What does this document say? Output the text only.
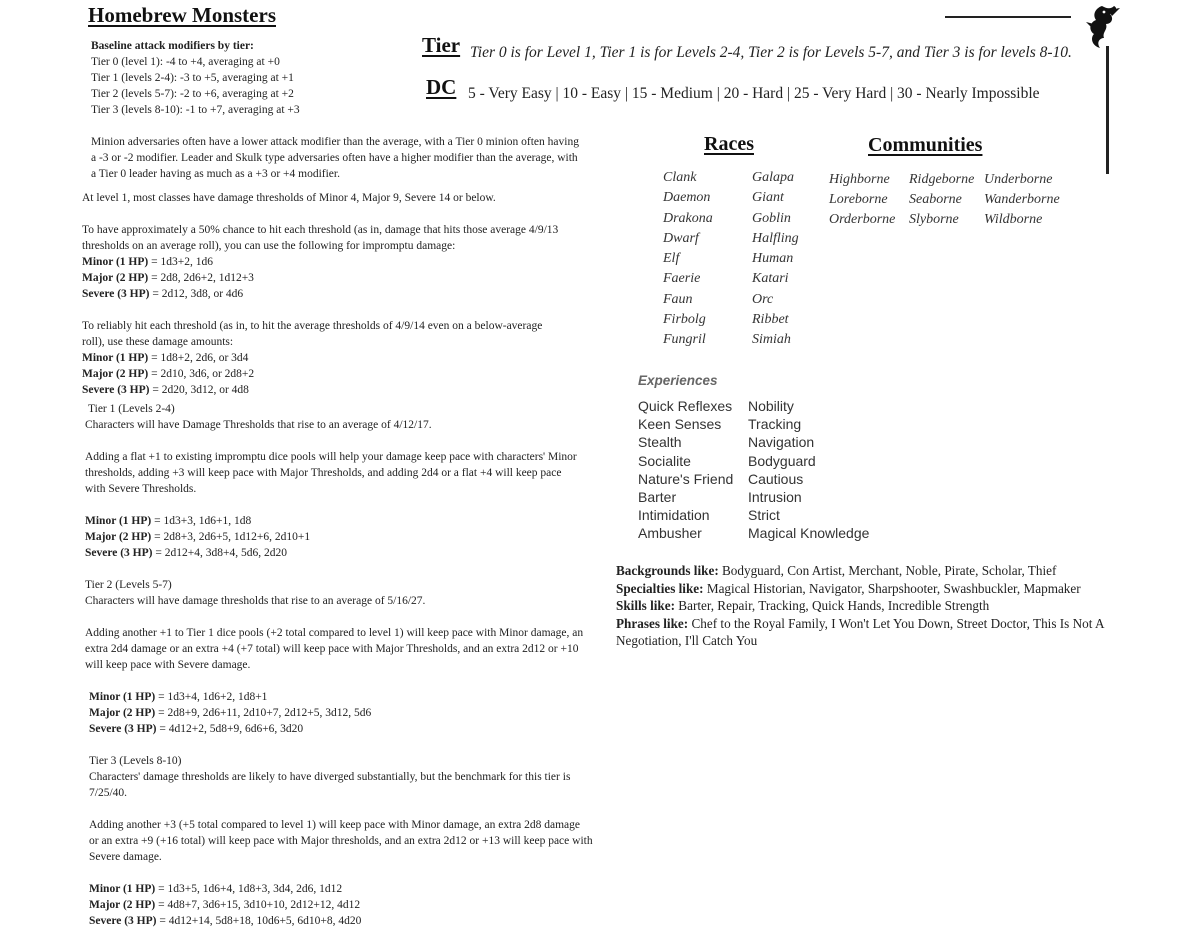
Homebrew Monsters
Baseline attack modifiers by tier:
Tier 0 (level 1): -4 to +4, averaging at +0
Tier 1 (levels 2-4): -3 to +5, averaging at +1
Tier 2 (levels 5-7): -2 to +6, averaging at +2
Tier 3 (levels 8-10): -1 to +7, averaging at +3
Minion adversaries often have a lower attack modifier than the average, with a Tier 0 minion often having
a -3 or -2 modifier. Leader and Skulk type adversaries often have a higher modifier than the average, with
a Tier 0 leader having as much as a +3 or +4 modifier.
At level 1, most classes have damage thresholds of Minor 4, Major 9, Severe 14 or below.
To have approximately a 50% chance to hit each threshold (as in, damage that hits those average 4/9/13
thresholds on an average roll), you can use the following for impromptu damage:
Minor (1 HP) = 1d3+2, 1d6
Major (2 HP) = 2d8, 2d6+2, 1d12+3
Severe (3 HP) = 2d12, 3d8, or 4d6
To reliably hit each threshold (as in, to hit the average thresholds of 4/9/14 even on a below-average
roll), use these damage amounts:
Minor (1 HP) = 1d8+2, 2d6, or 3d4
Major (2 HP) = 2d10, 3d6, or 2d8+2
Severe (3 HP) = 2d20, 3d12, or 4d8
Tier 1 (Levels 2-4)
Characters will have Damage Thresholds that rise to an average of 4/12/17.
Adding a flat +1 to existing impromptu dice pools will help your damage keep pace with characters' Minor
thresholds, adding +3 will keep pace with Major Thresholds, and adding 2d4 or a flat +4 will keep pace
with Severe Thresholds.
Minor (1 HP) = 1d3+3, 1d6+1, 1d8
Major (2 HP) = 2d8+3, 2d6+5, 1d12+6, 2d10+1
Severe (3 HP) = 2d12+4, 3d8+4, 5d6, 2d20
Tier 2 (Levels 5-7)
Characters will have damage thresholds that rise to an average of 5/16/27.
Adding another +1 to Tier 1 dice pools (+2 total compared to level 1) will keep pace with Minor damage, an
extra 2d4 damage or an extra +4 (+7 total) will keep pace with Major Thresholds, and an extra 2d12 or +10
will keep pace with Severe damage.
Minor (1 HP) = 1d3+4, 1d6+2, 1d8+1
Major (2 HP) = 2d8+9, 2d6+11, 2d10+7, 2d12+5, 3d12, 5d6
Severe (3 HP) = 4d12+2, 5d8+9, 6d6+6, 3d20
Tier 3 (Levels 8-10)
Characters' damage thresholds are likely to have diverged substantially, but the benchmark for this tier is
7/25/40.
Adding another +3 (+5 total compared to level 1) will keep pace with Minor damage, an extra 2d8 damage
or an extra +9 (+16 total) will keep pace with Major thresholds, and an extra 2d12 or +13 will keep pace with
Severe damage.
Minor (1 HP) = 1d3+5, 1d6+4, 1d8+3, 3d4, 2d6, 1d12
Major (2 HP) = 4d8+7, 3d6+15, 3d10+10, 2d12+12, 4d12
Severe (3 HP) = 4d12+14, 5d8+18, 10d6+5, 6d10+8, 4d20
Tier Tier 0 is for Level 1, Tier 1 is for Levels 2-4, Tier 2 is for Levels 5-7, and Tier 3 is for levels 8-10.
DC 5 - Very Easy | 10 - Easy | 15 - Medium | 20 - Hard | 25 - Very Hard | 30 - Nearly Impossible
Races
Clank
Daemon
Drakona
Dwarf
Elf
Faerie
Faun
Firbolg
Fungril
Galapa
Giant
Goblin
Halfling
Human
Katari
Orc
Ribbet
Simiah
Communities
Highborne
Loreborne
Orderborne
Ridgeborne
Seaborne
Slyborne
Underborne
Wanderborne
Wildborne
Experiences
Quick Reflexes
Keen Senses
Stealth
Socialite
Nature's Friend
Barter
Intimidation
Ambusher
Nobility
Tracking
Navigation
Bodyguard
Cautious
Intrusion
Strict
Magical Knowledge
Backgrounds like: Bodyguard, Con Artist, Merchant, Noble, Pirate, Scholar, Thief
Specialties like: Magical Historian, Navigator, Sharpshooter, Swashbuckler, Mapmaker
Skills like: Barter, Repair, Tracking, Quick Hands, Incredible Strength
Phrases like: Chef to the Royal Family, I Won't Let You Down, Street Doctor, This Is Not A
Negotiation, I'll Catch You
